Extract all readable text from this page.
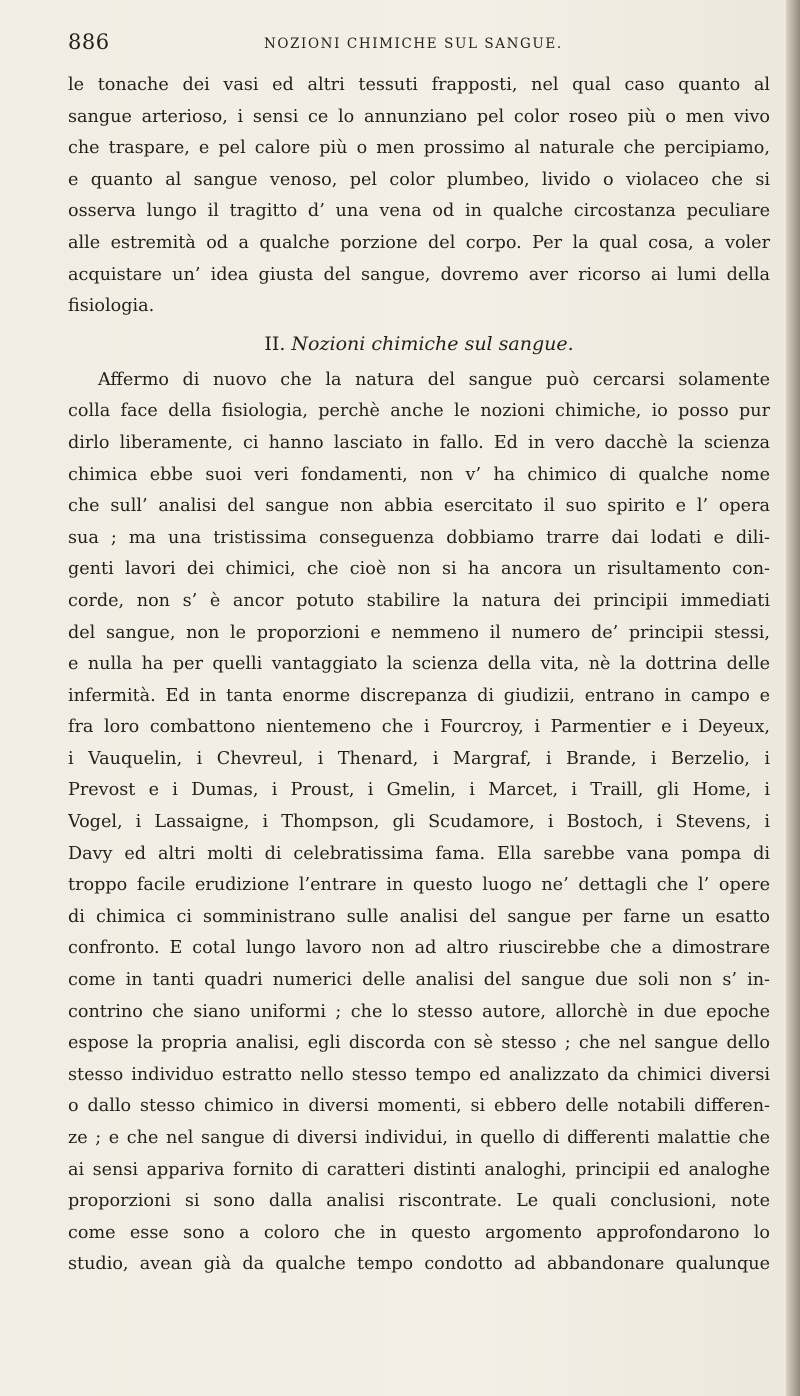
886	NOZIONI CHIMICHE SUL SANGUE.
le tonache dei vasi ed altri tessuti frapposti, nel qual caso quanto al
sangue arterioso, i sensi ce lo annunziano pel color roseo più o men vivo
che traspare, e pel calore più o men prossimo al naturale che percipiamo,
e quanto al sangue venoso, pel color plumbeo, livido o violaceo che si
osserva lungo il tragitto d’ una vena od in qualche circostanza peculiare
alle estremità od a qualche porzione del corpo. Per la qual cosa, a voler
acquistare un’ idea giusta del sangue, dovremo aver ricorso ai lumi della
fisiologia.
II. Nozioni chimiche sul sangue.
Affermo di nuovo che la natura del sangue può cercarsi solamente
colla face della fisiologia, perchè anche le nozioni chimiche, io posso pur
dirlo liberamente, ci hanno lasciato in fallo. Ed in vero dacchè la scienza
chimica ebbe suoi veri fondamenti, non v’ ha chimico di qualche nome
che sull’ analisi del sangue non abbia esercitato il suo spirito e l’ opera
sua ; ma una tristissima conseguenza dobbiamo trarre dai lodati e dili-
genti lavori dei chimici, che cioè non si ha ancora un risultamento con-
corde, non s’ è ancor potuto stabilire la natura dei principii immediati
del sangue, non le proporzioni e nemmeno il numero de’ principii stessi,
e nulla ha per quelli vantaggiato la scienza della vita, nè la dottrina delle
infermità. Ed in tanta enorme discrepanza di giudizii, entrano in campo e
fra loro combattono nientemeno che i Fourcroy, i Parmentier e i Deyeux,
i Vauquelin, i Chevreul, i Thenard, i Margraf, i Brande, i Berzelio, i
Prevost e i Dumas, i Proust, i Gmelin, i Marcet, i Traill, gli Home, i
Vogel, i Lassaigne, i Thompson, gli Scudamore, i Bostoch, i Stevens, i
Davy ed altri molti di celebratissima fama. Ella sarebbe vana pompa di
troppo facile erudizione l’entrare in questo luogo ne’ dettagli che l’ opere
di chimica ci somministrano sulle analisi del sangue per farne un esatto
confronto. E cotal lungo lavoro non ad altro riuscirebbe che a dimostrare
come in tanti quadri numerici delle analisi del sangue due soli non s’ in-
contrino che siano uniformi ; che lo stesso autore, allorchè in due epoche
espose la propria analisi, egli discorda con sè stesso ; che nel sangue dello
stesso individuo estratto nello stesso tempo ed analizzato da chimici diversi
o dallo stesso chimico in diversi momenti, si ebbero delle notabili differen-
ze ; e che nel sangue di diversi individui, in quello di differenti malattie che
ai sensi appariva fornito di caratteri distinti analoghi, principii ed analoghe
proporzioni si sono dalla analisi riscontrate. Le quali conclusioni, note
come esse sono a coloro che in questo argomento approfondarono lo
studio, avean già da qualche tempo condotto ad abbandonare qualunque
